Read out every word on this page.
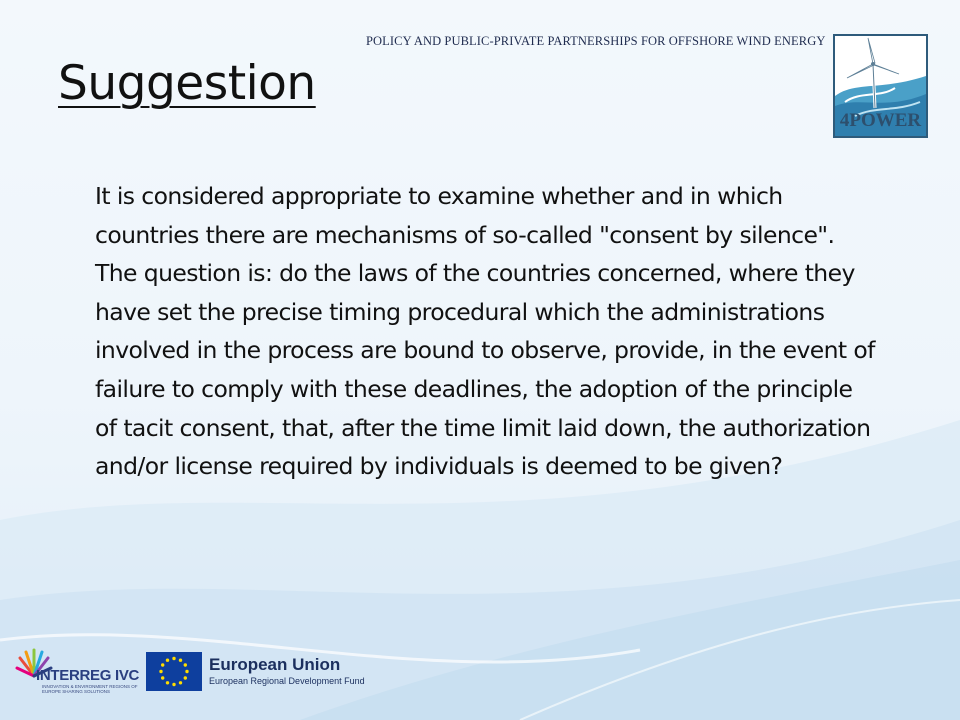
POLICY AND PUBLIC-PRIVATE PARTNERSHIPS FOR OFFSHORE WIND ENERGY
4POWER
Suggestion

It is considered appropriate to examine whether and in which countries there are mechanisms of so-called "consent by silence".

The question is: do the laws of the countries concerned, where they have set the precise timing procedural which the administrations involved in the process are bound to observe, provide, in the event of failure to comply with these deadlines, the adoption of the principle of tacit consent, that, after the time limit laid down, the authorization and/or license required by individuals is deemed to be given?

INTERREG IVC
INNOVATION & ENVIRONMENT REGIONS OF EUROPE SHARING SOLUTIONS
European Union
European Regional Development Fund
